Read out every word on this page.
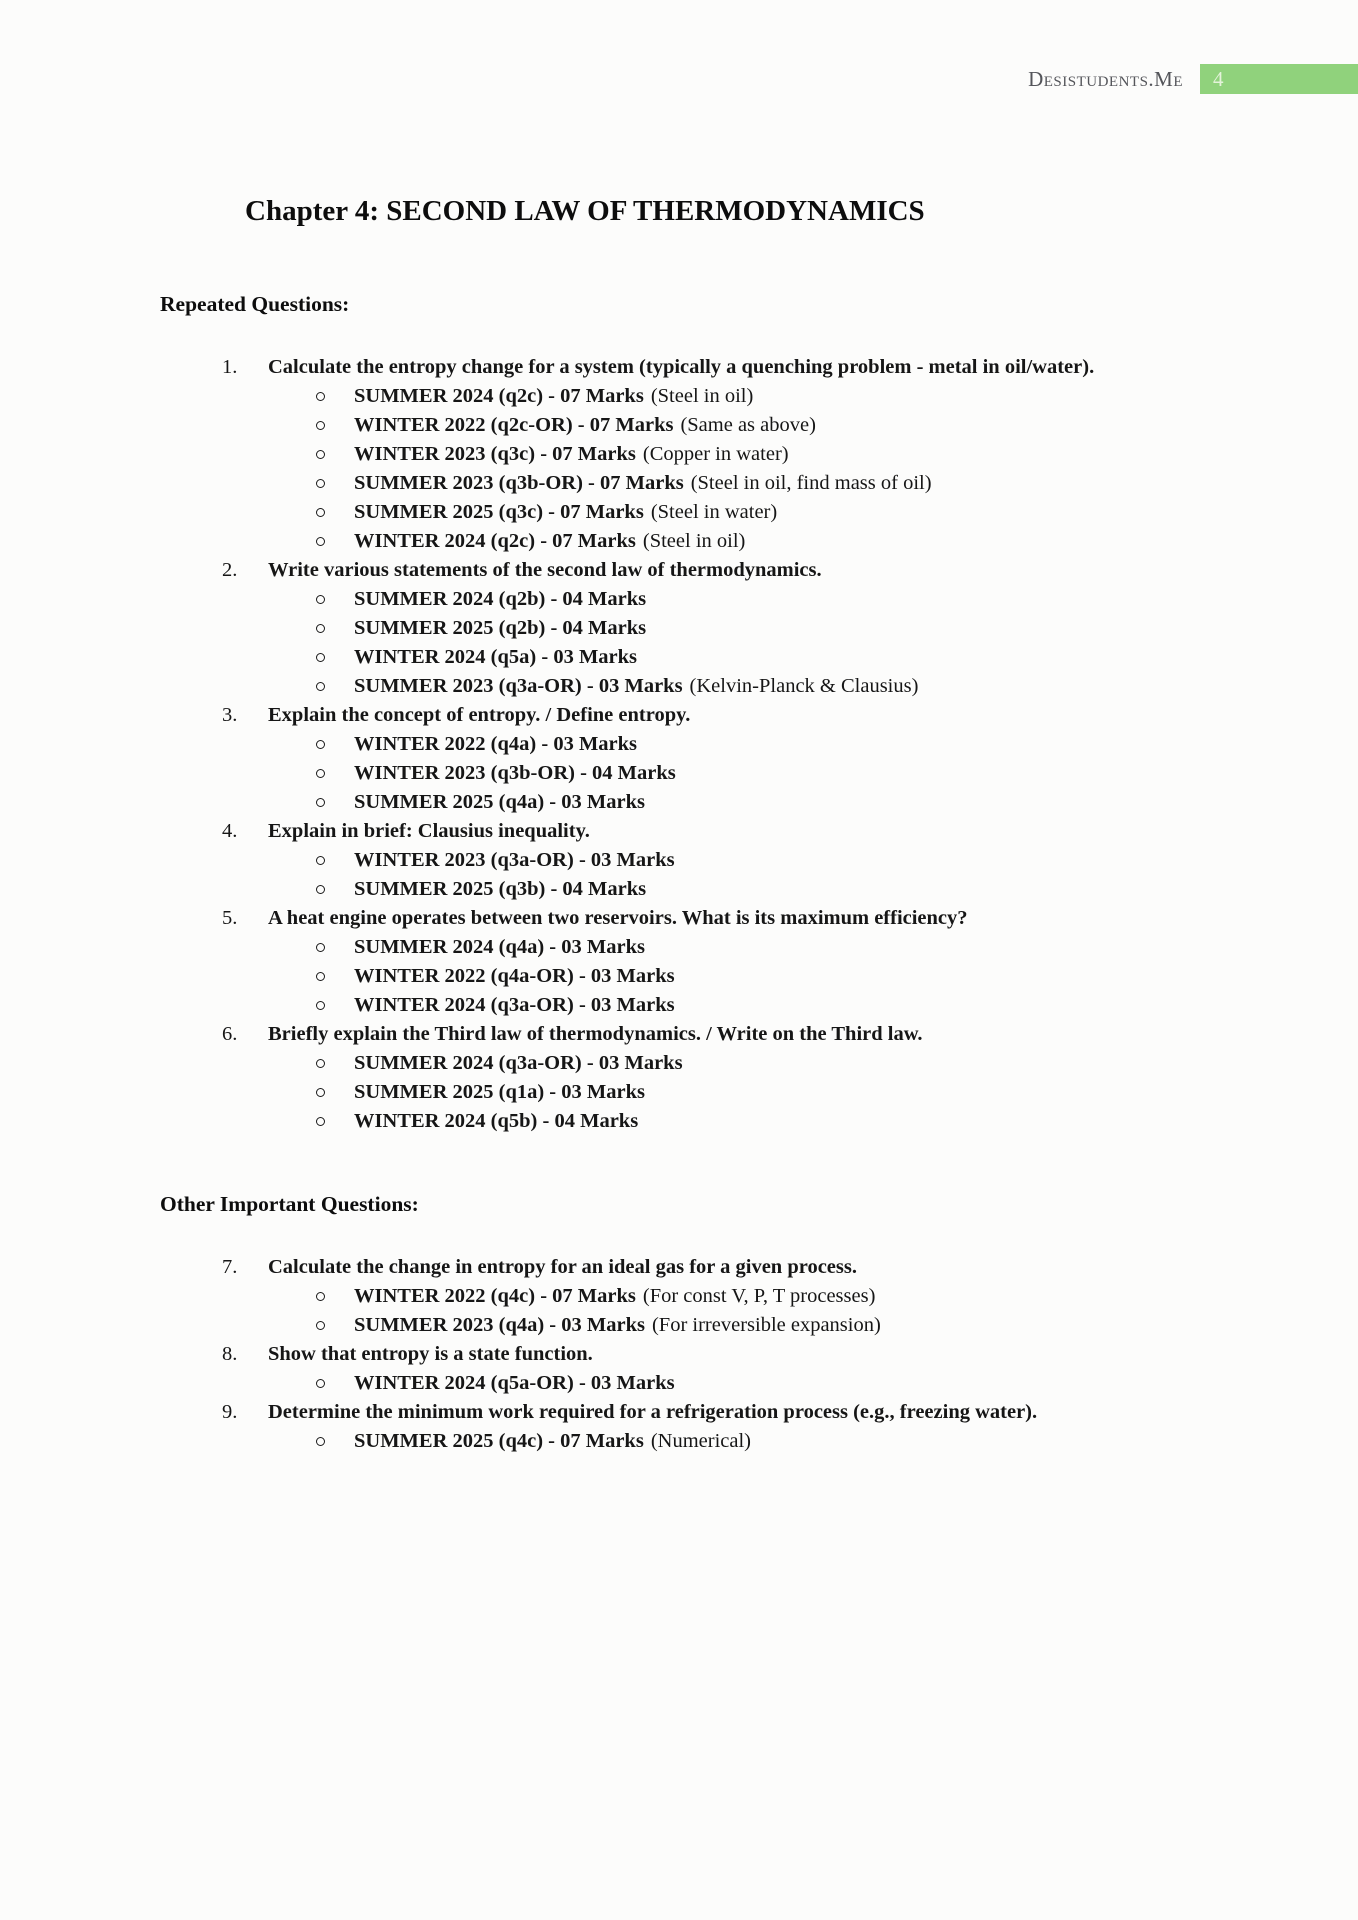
Desistudents.Me 4
Chapter 4: SECOND LAW OF THERMODYNAMICS
Repeated Questions:
1.	Calculate the entropy change for a system (typically a quenching problem - metal in oil/water).
SUMMER 2024 (q2c) - 07 Marks (Steel in oil)
WINTER 2022 (q2c-OR) - 07 Marks (Same as above)
WINTER 2023 (q3c) - 07 Marks (Copper in water)
SUMMER 2023 (q3b-OR) - 07 Marks (Steel in oil, find mass of oil)
SUMMER 2025 (q3c) - 07 Marks (Steel in water)
WINTER 2024 (q2c) - 07 Marks (Steel in oil)
2.	Write various statements of the second law of thermodynamics.
SUMMER 2024 (q2b) - 04 Marks
SUMMER 2025 (q2b) - 04 Marks
WINTER 2024 (q5a) - 03 Marks
SUMMER 2023 (q3a-OR) - 03 Marks (Kelvin-Planck & Clausius)
3.	Explain the concept of entropy. / Define entropy.
WINTER 2022 (q4a) - 03 Marks
WINTER 2023 (q3b-OR) - 04 Marks
SUMMER 2025 (q4a) - 03 Marks
4.	Explain in brief: Clausius inequality.
WINTER 2023 (q3a-OR) - 03 Marks
SUMMER 2025 (q3b) - 04 Marks
5.	A heat engine operates between two reservoirs. What is its maximum efficiency?
SUMMER 2024 (q4a) - 03 Marks
WINTER 2022 (q4a-OR) - 03 Marks
WINTER 2024 (q3a-OR) - 03 Marks
6.	Briefly explain the Third law of thermodynamics. / Write on the Third law.
SUMMER 2024 (q3a-OR) - 03 Marks
SUMMER 2025 (q1a) - 03 Marks
WINTER 2024 (q5b) - 04 Marks
Other Important Questions:
7.	Calculate the change in entropy for an ideal gas for a given process.
WINTER 2022 (q4c) - 07 Marks (For const V, P, T processes)
SUMMER 2023 (q4a) - 03 Marks (For irreversible expansion)
8.	Show that entropy is a state function.
WINTER 2024 (q5a-OR) - 03 Marks
9.	Determine the minimum work required for a refrigeration process (e.g., freezing water).
SUMMER 2025 (q4c) - 07 Marks (Numerical)
